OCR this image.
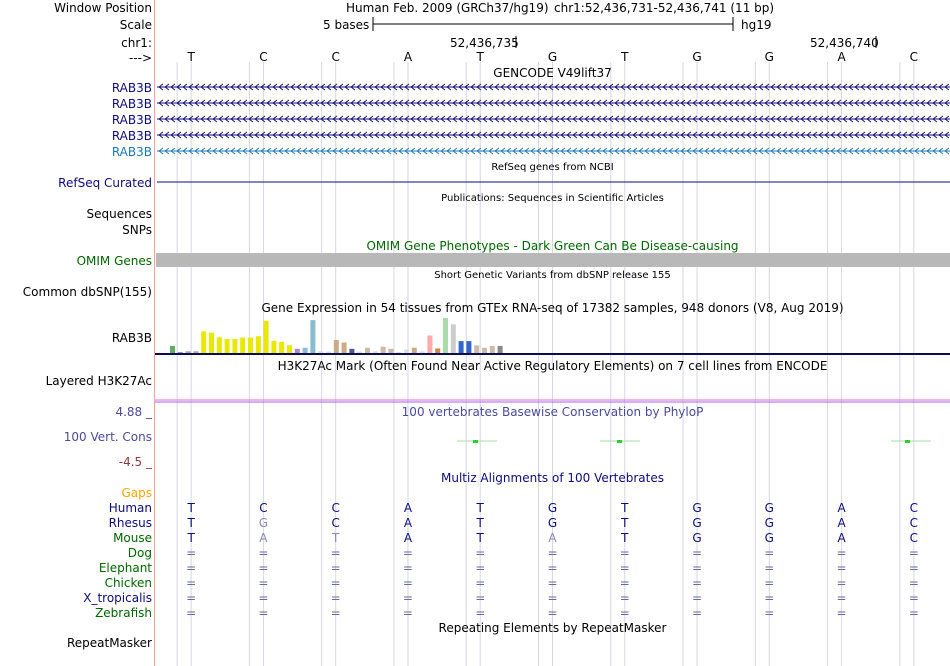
Window Position
Scale
chr1:
--->
Human Feb. 2009 (GRCh37/hg19) chr1:52,436,731-52,436,741 (11 bp)
5 bases	hg19
52,436,735	52,436,740
GENCODE V49lift37
RAB3B
RAB3B
RAB3B
RAB3B
RAB3B
RefSeq genes from NCBI
RefSeq Curated
Publications: Sequences in Scientific Articles
Sequences
SNPs
OMIM Gene Phenotypes - Dark Green Can Be Disease-causing
OMIM Genes
Short Genetic Variants from dbSNP release 155
Common dbSNP(155)
Gene Expression in 54 tissues from GTEx RNA-seq of 17382 samples, 948 donors (V8, Aug 2019)
RAB3B
H3K27Ac Mark (Often Found Near Active Regulatory Elements) on 7 cell lines from ENCODE
Layered H3K27Ac
100 vertebrates Basewise Conservation by PhyloP
4.88 _
100 Vert. Cons
-4.5 _
Multiz Alignments of 100 Vertebrates
Gaps
Repeating Elements by RepeatMasker
RepeatMasker
T	C	C	A	T	G	T	G	G	A	C
Human	T	C	C	A	T	G	T	G	G	A	C
Rhesus	T	G	C	A	T	G	T	G	G	A	C
Mouse	T	A	T	A	T	A	T	G	G	A	C
Dog	=	=	=	=	=	=	=	=	=	=	=
Elephant	=	=	=	=	=	=	=	=	=	=	=
Chicken	=	=	=	=	=	=	=	=	=	=	=
X_tropicalis	=	=	=	=	=	=	=	=	=	=	=
Zebrafish	=	=	=	=	=	=	=	=	=	=	=
